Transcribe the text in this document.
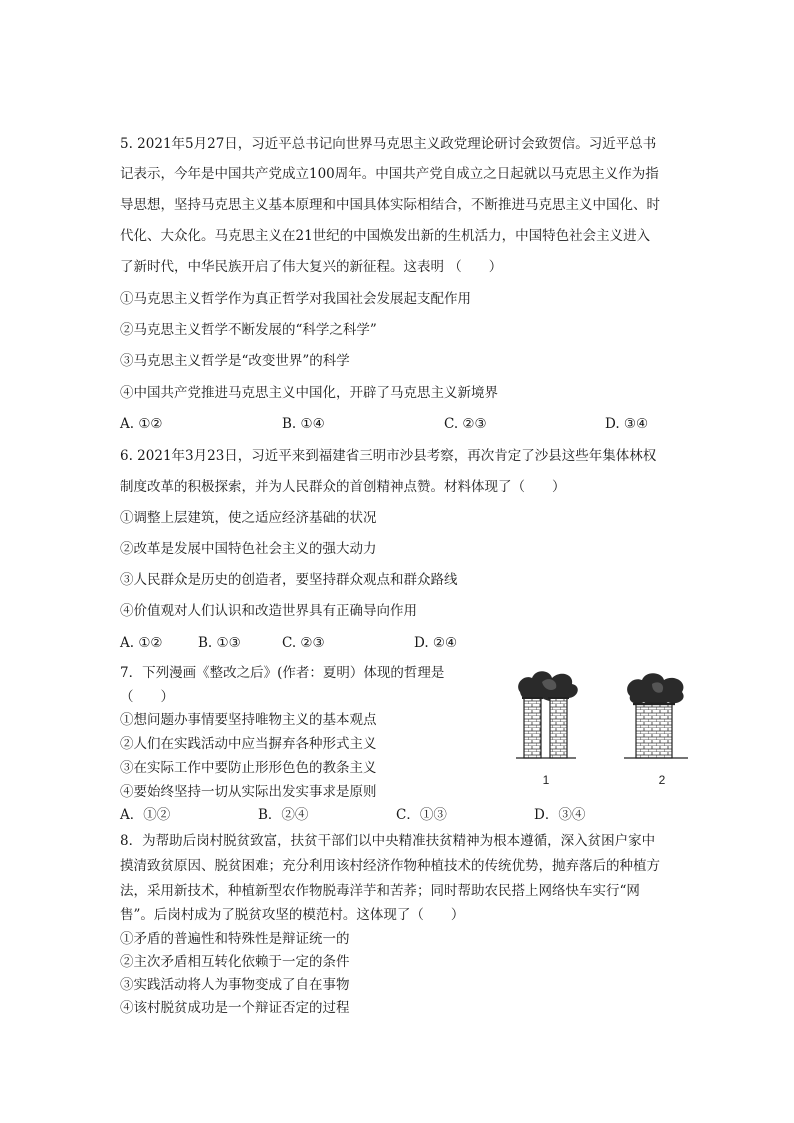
5. 2021年5月27日，习近平总书记向世界马克思主义政党理论研讨会致贺信。习近平总书
记表示，今年是中国共产党成立100周年。中国共产党自成立之日起就以马克思主义作为指
导思想，坚持马克思主义基本原理和中国具体实际相结合，不断推进马克思主义中国化、时
代化、大众化。马克思主义在21世纪的中国焕发出新的生机活力，中国特色社会主义进入
了新时代，中华民族开启了伟大复兴的新征程。这表明 （　　）
①马克思主义哲学作为真正哲学对我国社会发展起支配作用
②马克思主义哲学不断发展的“科学之科学”
③马克思主义哲学是“改变世界”的科学
④中国共产党推进马克思主义中国化，开辟了马克思主义新境界
A. ①②	B. ①④	C. ②③	D. ③④
6. 2021年3月23日，习近平来到福建省三明市沙县考察，再次肯定了沙县这些年集体林权
制度改革的积极探索，并为人民群众的首创精神点赞。材料体现了（　　）
①调整上层建筑，使之适应经济基础的状况
②改革是发展中国特色社会主义的强大动力
③人民群众是历史的创造者，要坚持群众观点和群众路线
④价值观对人们认识和改造世界具有正确导向作用
A. ①②	B. ①③	C. ②③	D. ②④
7．下列漫画《整改之后》(作者：夏明）体现的哲理是
（　　）
①想问题办事情要坚持唯物主义的基本观点
②人们在实践活动中应当摒弃各种形式主义
③在实际工作中要防止形形色色的教条主义
④要始终坚持一切从实际出发实事求是原则
A．①②	B．②④	C．①③	D．③④
1	2
8．为帮助后岗村脱贫致富，扶贫干部们以中央精准扶贫精神为根本遵循，深入贫困户家中
摸清致贫原因、脱贫困难；充分利用该村经济作物种植技术的传统优势，抛弃落后的种植方
法，采用新技术，种植新型农作物脱毒洋芋和苦荞；同时帮助农民搭上网络快车实行“网
售”。后岗村成为了脱贫攻坚的模范村。这体现了（　　）
①矛盾的普遍性和特殊性是辩证统一的
②主次矛盾相互转化依赖于一定的条件
③实践活动将人为事物变成了自在事物
④该村脱贫成功是一个辩证否定的过程
